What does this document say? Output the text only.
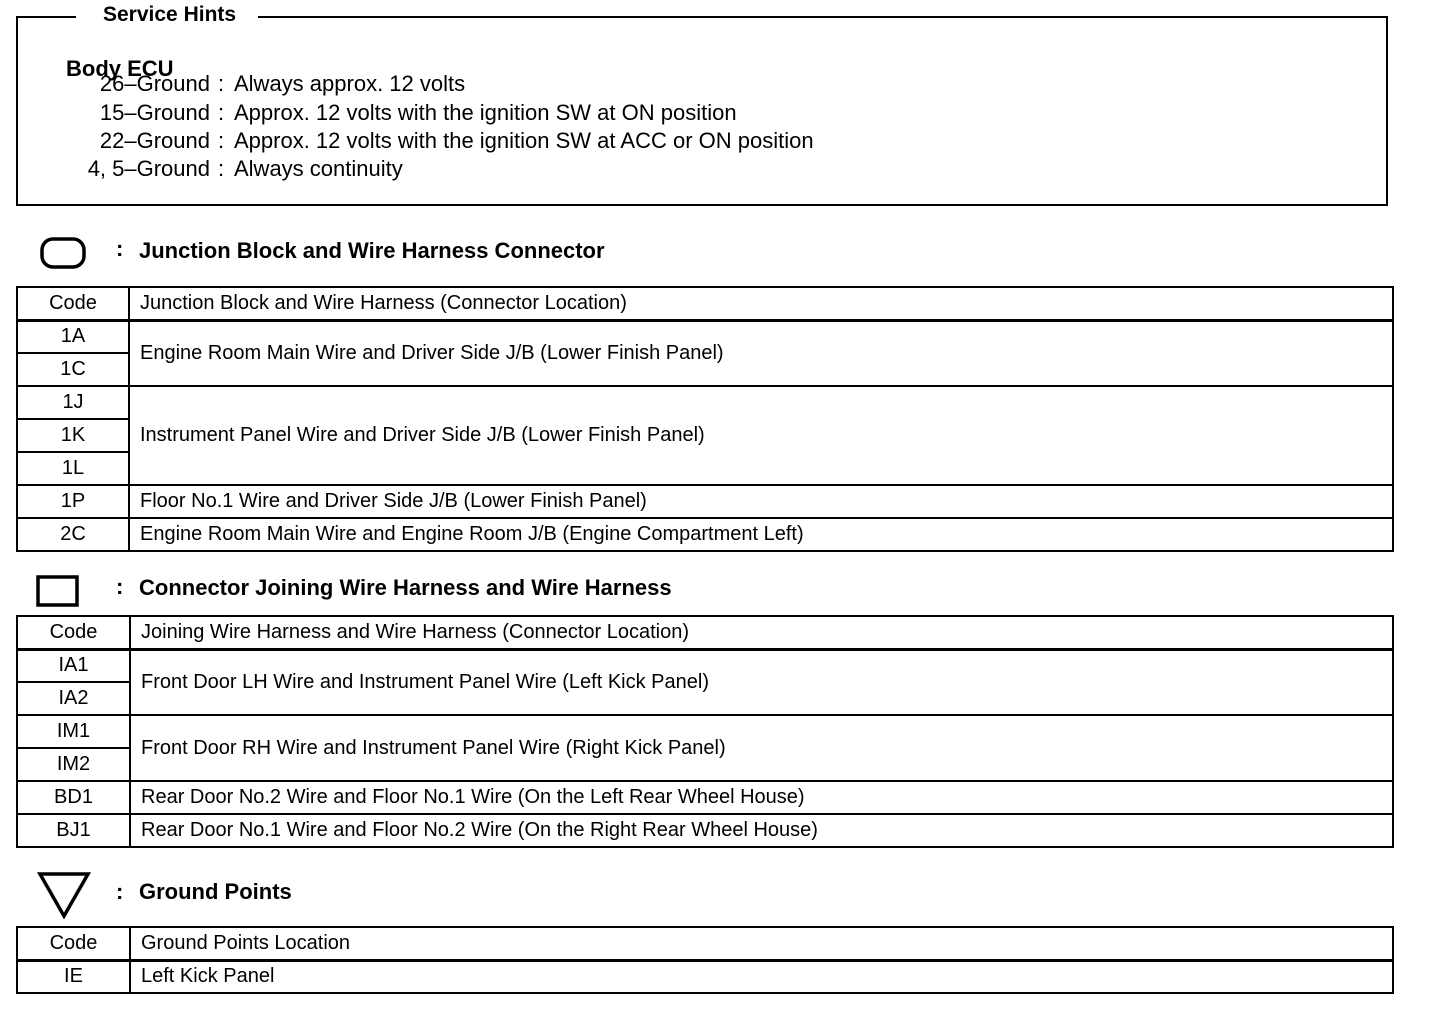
Body ECU
26–Ground : Always approx. 12 volts
15–Ground : Approx. 12 volts with the ignition SW at ON position
22–Ground : Approx. 12 volts with the ignition SW at ACC or ON position
4, 5–Ground : Always continuity
Service Hints
: Junction Block and Wire Harness Connector
Code	Junction Block and Wire Harness (Connector Location)
1A	Engine Room Main Wire and Driver Side J/B (Lower Finish Panel)
1C	
1J	Instrument Panel Wire and Driver Side J/B (Lower Finish Panel)
1K	
1L	
1P	Floor No.1 Wire and Driver Side J/B (Lower Finish Panel)
2C	Engine Room Main Wire and Engine Room J/B (Engine Compartment Left)
: Connector Joining Wire Harness and Wire Harness
Code	Joining Wire Harness and Wire Harness (Connector Location)
IA1	Front Door LH Wire and Instrument Panel Wire (Left Kick Panel)
IA2	
IM1	Front Door RH Wire and Instrument Panel Wire (Right Kick Panel)
IM2	
BD1	Rear Door No.2 Wire and Floor No.1 Wire (On the Left Rear Wheel House)
BJ1	Rear Door No.1 Wire and Floor No.2 Wire (On the Right Rear Wheel House)
: Ground Points
Code	Ground Points Location
IE	Left Kick Panel
